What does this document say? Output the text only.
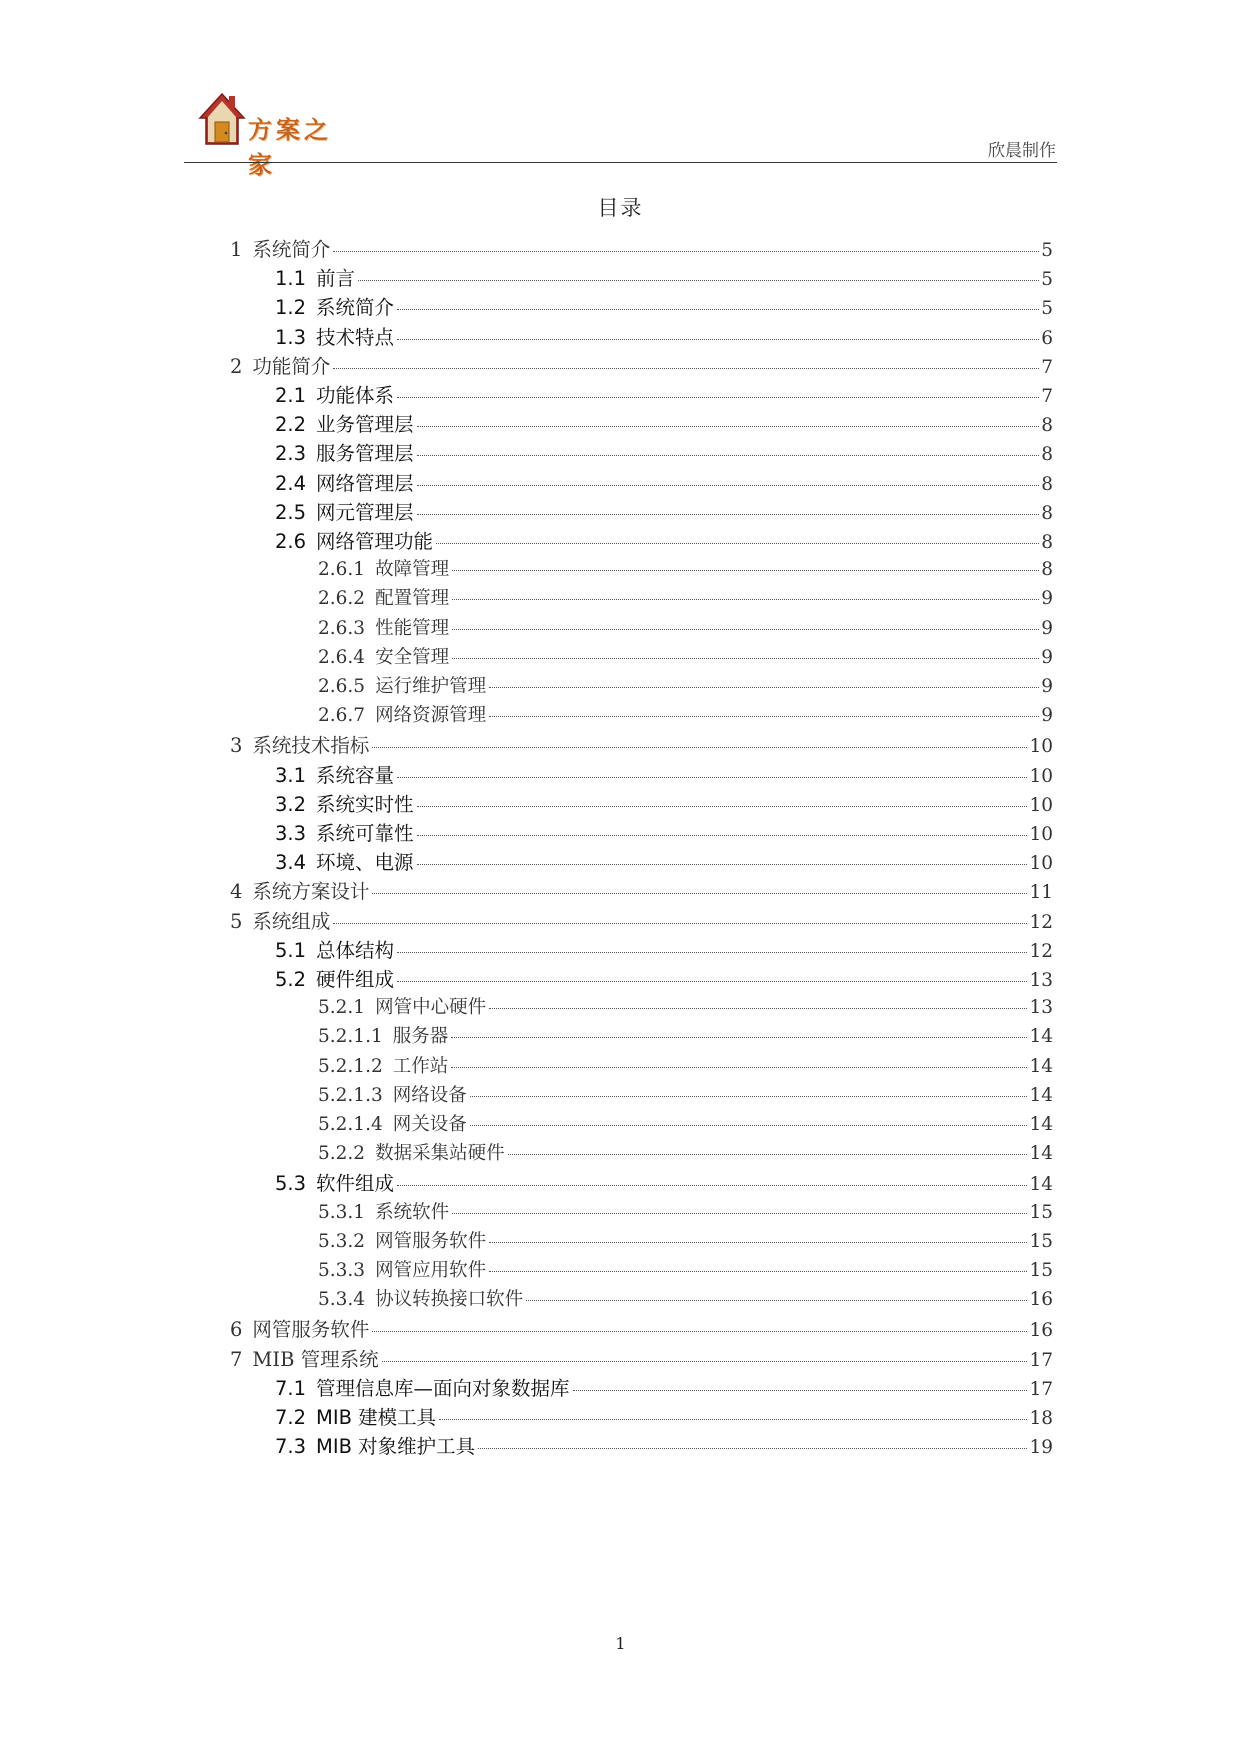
方案之家	欣晨制作
目录
1 系统简介	5
1.1 前言	5
1.2 系统简介	5
1.3 技术特点	6
2 功能简介	7
2.1 功能体系	7
2.2 业务管理层	8
2.3 服务管理层	8
2.4 网络管理层	8
2.5 网元管理层	8
2.6 网络管理功能	8
2.6.1 故障管理	8
2.6.2 配置管理	9
2.6.3 性能管理	9
2.6.4 安全管理	9
2.6.5 运行维护管理	9
2.6.7 网络资源管理	9
3 系统技术指标	10
3.1 系统容量	10
3.2 系统实时性	10
3.3 系统可靠性	10
3.4 环境、电源	10
4 系统方案设计	11
5 系统组成	12
5.1 总体结构	12
5.2 硬件组成	13
5.2.1 网管中心硬件	13
5.2.1.1 服务器	14
5.2.1.2 工作站	14
5.2.1.3 网络设备	14
5.2.1.4 网关设备	14
5.2.2 数据采集站硬件	14
5.3 软件组成	14
5.3.1 系统软件	15
5.3.2 网管服务软件	15
5.3.3 网管应用软件	15
5.3.4 协议转换接口软件	16
6 网管服务软件	16
7 MIB 管理系统	17
7.1 管理信息库—面向对象数据库	17
7.2 MIB 建模工具	18
7.3 MIB 对象维护工具	19
1
